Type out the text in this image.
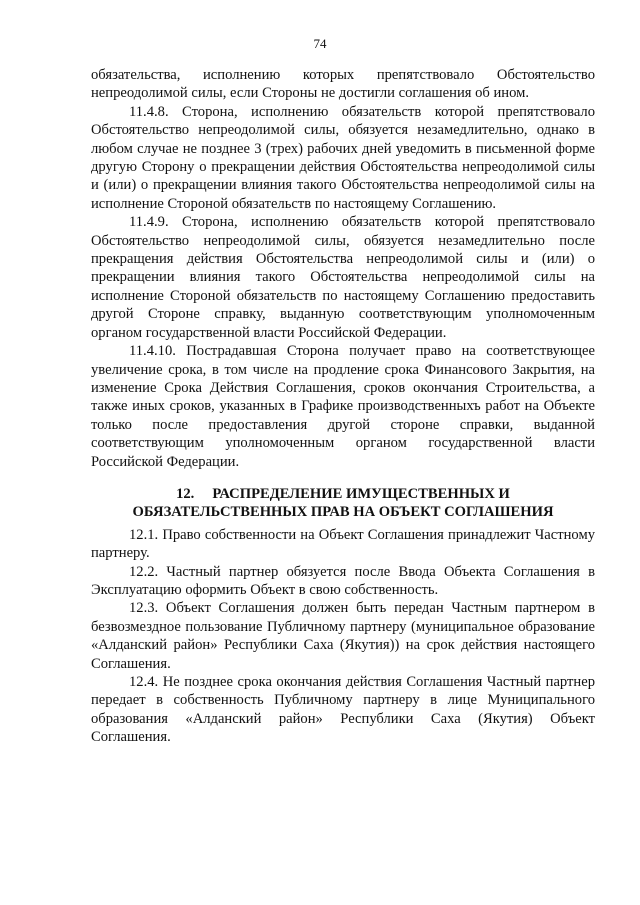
74

обязательства, исполнению которых препятствовало Обстоятельство непреодолимой силы, если Стороны не достигли соглашения об ином.

11.4.8. Сторона, исполнению обязательств которой препятствовало Обстоятельство непреодолимой силы, обязуется незамедлительно, однако в любом случае не позднее 3 (трех) рабочих дней уведомить в письменной форме другую Сторону о прекращении действия Обстоятельства непреодолимой силы и (или) о прекращении влияния такого Обстоятельства непреодолимой силы на исполнение Стороной обязательств по настоящему Соглашению.

11.4.9. Сторона, исполнению обязательств которой препятствовало Обстоятельство непреодолимой силы, обязуется незамедлительно после прекращения действия Обстоятельства непреодолимой силы и (или) о прекращении влияния такого Обстоятельства непреодолимой силы на исполнение Стороной обязательств по настоящему Соглашению предоставить другой Стороне справку, выданную соответствующим уполномоченным органом государственной власти Российской Федерации.

11.4.10. Пострадавшая Сторона получает право на соответствующее увеличение срока, в том числе на продление срока Финансового Закрытия, на изменение Срока Действия Соглашения, сроков окончания Строительства, а также иных сроков, указанных в Графике производственныхъ работ на Объекте только после предоставления другой стороне справки, выданной соответствующим уполномоченным органом государственной власти Российской Федерации.

12. РАСПРЕДЕЛЕНИЕ ИМУЩЕСТВЕННЫХ И
ОБЯЗАТЕЛЬСТВЕННЫХ ПРАВ НА ОБЪЕКТ СОГЛАШЕНИЯ

12.1. Право собственности на Объект Соглашения принадлежит Частному партнеру.

12.2. Частный партнер обязуется после Ввода Объекта Соглашения в Эксплуатацию оформить Объект в свою собственность.

12.3. Объект Соглашения должен быть передан Частным партнером в безвозмездное пользование Публичному партнеру (муниципальное образование «Алданский район» Республики Саха (Якутия)) на срок действия настоящего Соглашения.

12.4. Не позднее срока окончания действия Соглашения Частный партнер передает в собственность Публичному партнеру в лице Муниципального образования «Алданский район» Республики Саха (Якутия) Объект Соглашения.
